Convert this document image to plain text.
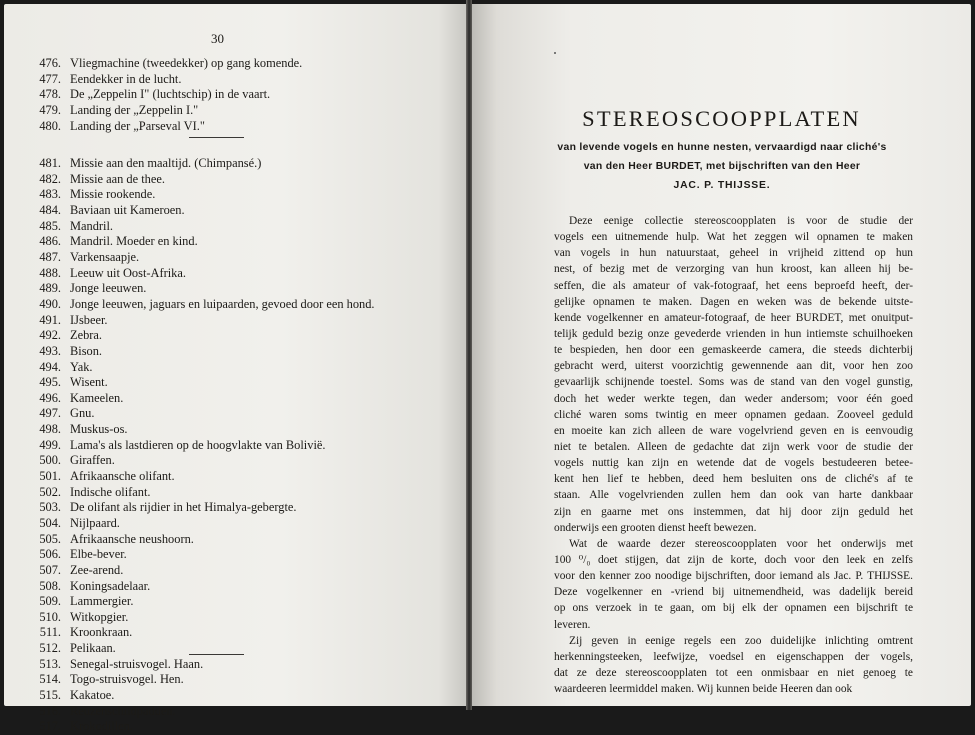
30
476. Vliegmachine (tweedekker) op gang komende.
477. Eendekker in de lucht.
478. De „Zeppelin I" (luchtschip) in de vaart.
479. Landing der „Zeppelin I."
480. Landing der „Parseval VI."
481. Missie aan den maaltijd. (Chimpansé.)
482. Missie aan de thee.
483. Missie rookende.
484. Baviaan uit Kameroen.
485. Mandril.
486. Mandril. Moeder en kind.
487. Varkensaapje.
488. Leeuw uit Oost-Afrika.
489. Jonge leeuwen.
490. Jonge leeuwen, jaguars en luipaarden, gevoed door een hond.
491. IJsbeer.
492. Zebra.
493. Bison.
494. Yak.
495. Wisent.
496. Kameelen.
497. Gnu.
498. Muskus-os.
499. Lama's als lastdieren op de hoogvlakte van Bolivië.
500. Giraffen.
501. Afrikaansche olifant.
502. Indische olifant.
503. De olifant als rijdier in het Himalya-gebergte.
504. Nijlpaard.
505. Afrikaansche neushoorn.
506. Elbe-bever.
507. Zee-arend.
508. Koningsadelaar.
509. Lammergier.
510. Witkopgier.
511. Kroonkraan.
512. Pelikaan.
513. Senegal-struisvogel. Haan.
514. Togo-struisvogel. Hen.
515. Kakatoe.
516. Reuzenschildpadden.
517. Krokodillen.
STEREOSCOOPPLATEN
van levende vogels en hunne nesten, vervaardigd naar cliché's
van den Heer BURDET, met bijschriften van den Heer
JAC. P. THIJSSE.

Deze eenige collectie stereoscoopplaten is voor de studie der
vogels een uitnemende hulp. Wat het zeggen wil opnamen te maken
van vogels in hun natuurstaat, geheel in vrijheid zittend op hun
nest, of bezig met de verzorging van hun kroost, kan alleen hij be-
seffen, die als amateur of vak-fotograaf, het eens beproefd heeft, der-
gelijke opnamen te maken. Dagen en weken was de bekende uitste-
kende vogelkenner en amateur-fotograaf, de heer BURDET, met onuitput-
telijk geduld bezig onze gevederde vrienden in hun intiemste schuilhoeken
te bespieden, hen door een gemaskeerde camera, die steeds dichterbij
gebracht werd, uiterst voorzichtig gewennende aan dit, voor hen zoo
gevaarlijk schijnende toestel. Soms was de stand van den vogel gunstig,
doch het weder werkte tegen, dan weder andersom; voor één goed
cliché waren soms twintig en meer opnamen gedaan. Zooveel geduld
en moeite kan zich alleen de ware vogelvriend geven en is eenvoudig
niet te betalen. Alleen de gedachte dat zijn werk voor de studie der
vogels nuttig kan zijn en wetende dat de vogels bestudeeren betee-
kent hen lief te hebben, deed hem besluiten ons de cliché's af te
staan. Alle vogelvrienden zullen hem dan ook van harte dankbaar
zijn en gaarne met ons instemmen, dat hij door zijn geduld het
onderwijs een grooten dienst heeft bewezen.

Wat de waarde dezer stereoscoopplaten voor het onderwijs met
100 ⁰/₀ doet stijgen, dat zijn de korte, doch voor den leek en zelfs
voor den kenner zoo noodige bijschriften, door iemand als Jac. P. THIJSSE.
Deze vogelkenner en -vriend bij uitnemendheid, was dadelijk bereid
op ons verzoek in te gaan, om bij elk der opnamen een bijschrift te
leveren.

Zij geven in eenige regels een zoo duidelijke inlichting omtrent
herkenningsteeken, leefwijze, voedsel en eigenschappen der vogels,
dat ze deze stereoscoopplaten tot een onmisbaar en niet genoeg te
waardeeren leermiddel maken. Wij kunnen beide Heeren dan ook
